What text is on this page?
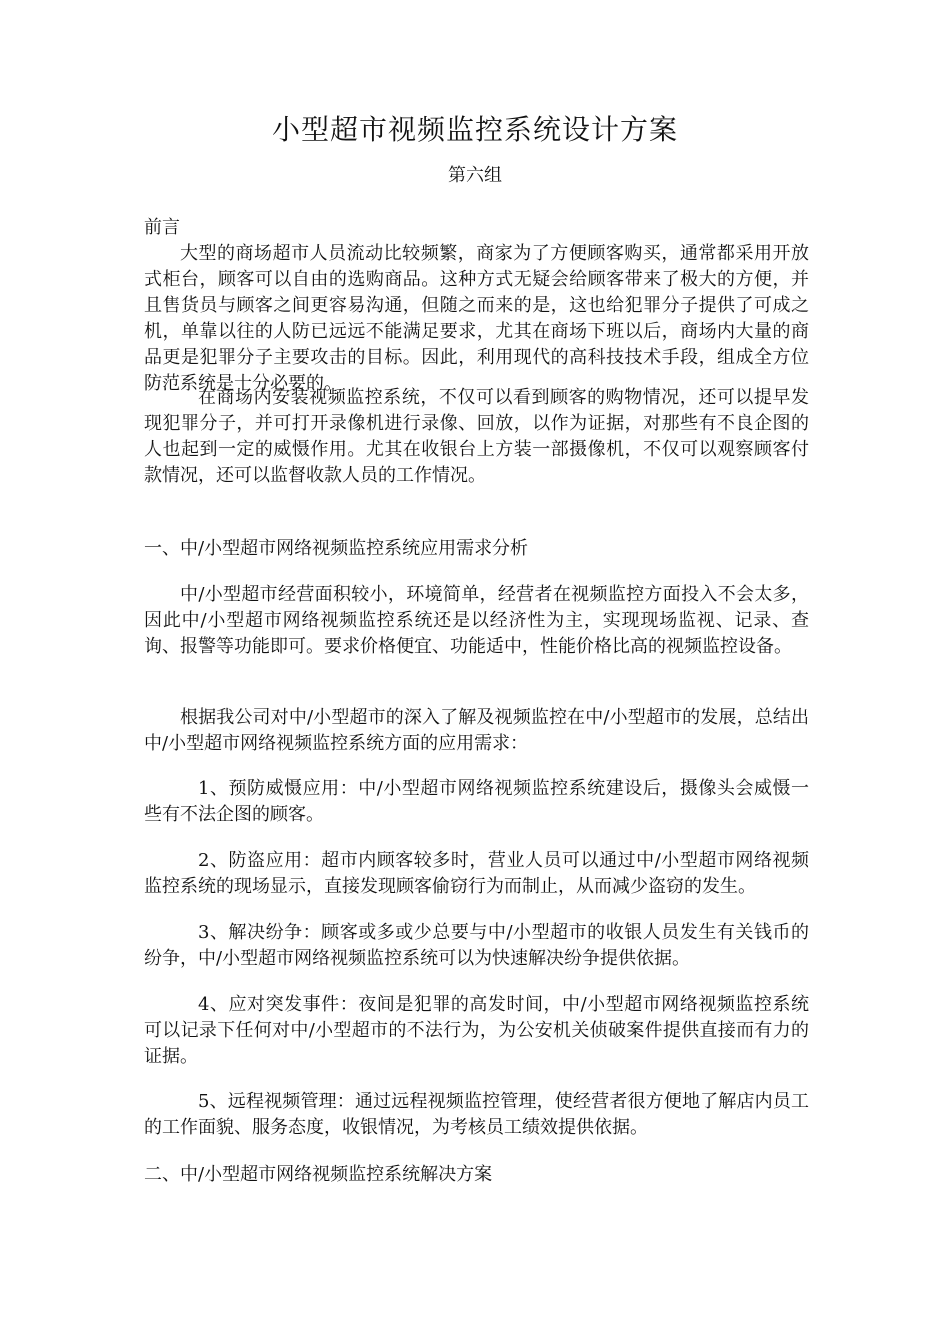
小型超市视频监控系统设计方案

第六组

前言

大型的商场超市人员流动比较频繁，商家为了方便顾客购买，通常都采用开放式柜台，顾客可以自由的选购商品。这种方式无疑会给顾客带来了极大的方便，并且售货员与顾客之间更容易沟通，但随之而来的是，这也给犯罪分子提供了可成之机，单靠以往的人防已远远不能满足要求，尤其在商场下班以后，商场内大量的商品更是犯罪分子主要攻击的目标。因此，利用现代的高科技技术手段，组成全方位防范系统是十分必要的。

在商场内安装视频监控系统，不仅可以看到顾客的购物情况，还可以提早发现犯罪分子，并可打开录像机进行录像、回放，以作为证据，对那些有不良企图的人也起到一定的威慑作用。尤其在收银台上方装一部摄像机，不仅可以观察顾客付款情况，还可以监督收款人员的工作情况。

一、中/小型超市网络视频监控系统应用需求分析

中/小型超市经营面积较小，环境简单，经营者在视频监控方面投入不会太多，因此中/小型超市网络视频监控系统还是以经济性为主，实现现场监视、记录、查询、报警等功能即可。要求价格便宜、功能适中，性能价格比高的视频监控设备。

根据我公司对中/小型超市的深入了解及视频监控在中/小型超市的发展，总结出中/小型超市网络视频监控系统方面的应用需求：

1、预防威慑应用：中/小型超市网络视频监控系统建设后，摄像头会威慑一些有不法企图的顾客。

2、防盗应用：超市内顾客较多时，营业人员可以通过中/小型超市网络视频监控系统的现场显示，直接发现顾客偷窃行为而制止，从而减少盗窃的发生。

3、解决纷争：顾客或多或少总要与中/小型超市的收银人员发生有关钱币的纷争，中/小型超市网络视频监控系统可以为快速解决纷争提供依据。

4、应对突发事件：夜间是犯罪的高发时间，中/小型超市网络视频监控系统可以记录下任何对中/小型超市的不法行为，为公安机关侦破案件提供直接而有力的证据。

5、远程视频管理：通过远程视频监控管理，使经营者很方便地了解店内员工的工作面貌、服务态度，收银情况，为考核员工绩效提供依据。

二、中/小型超市网络视频监控系统解决方案
